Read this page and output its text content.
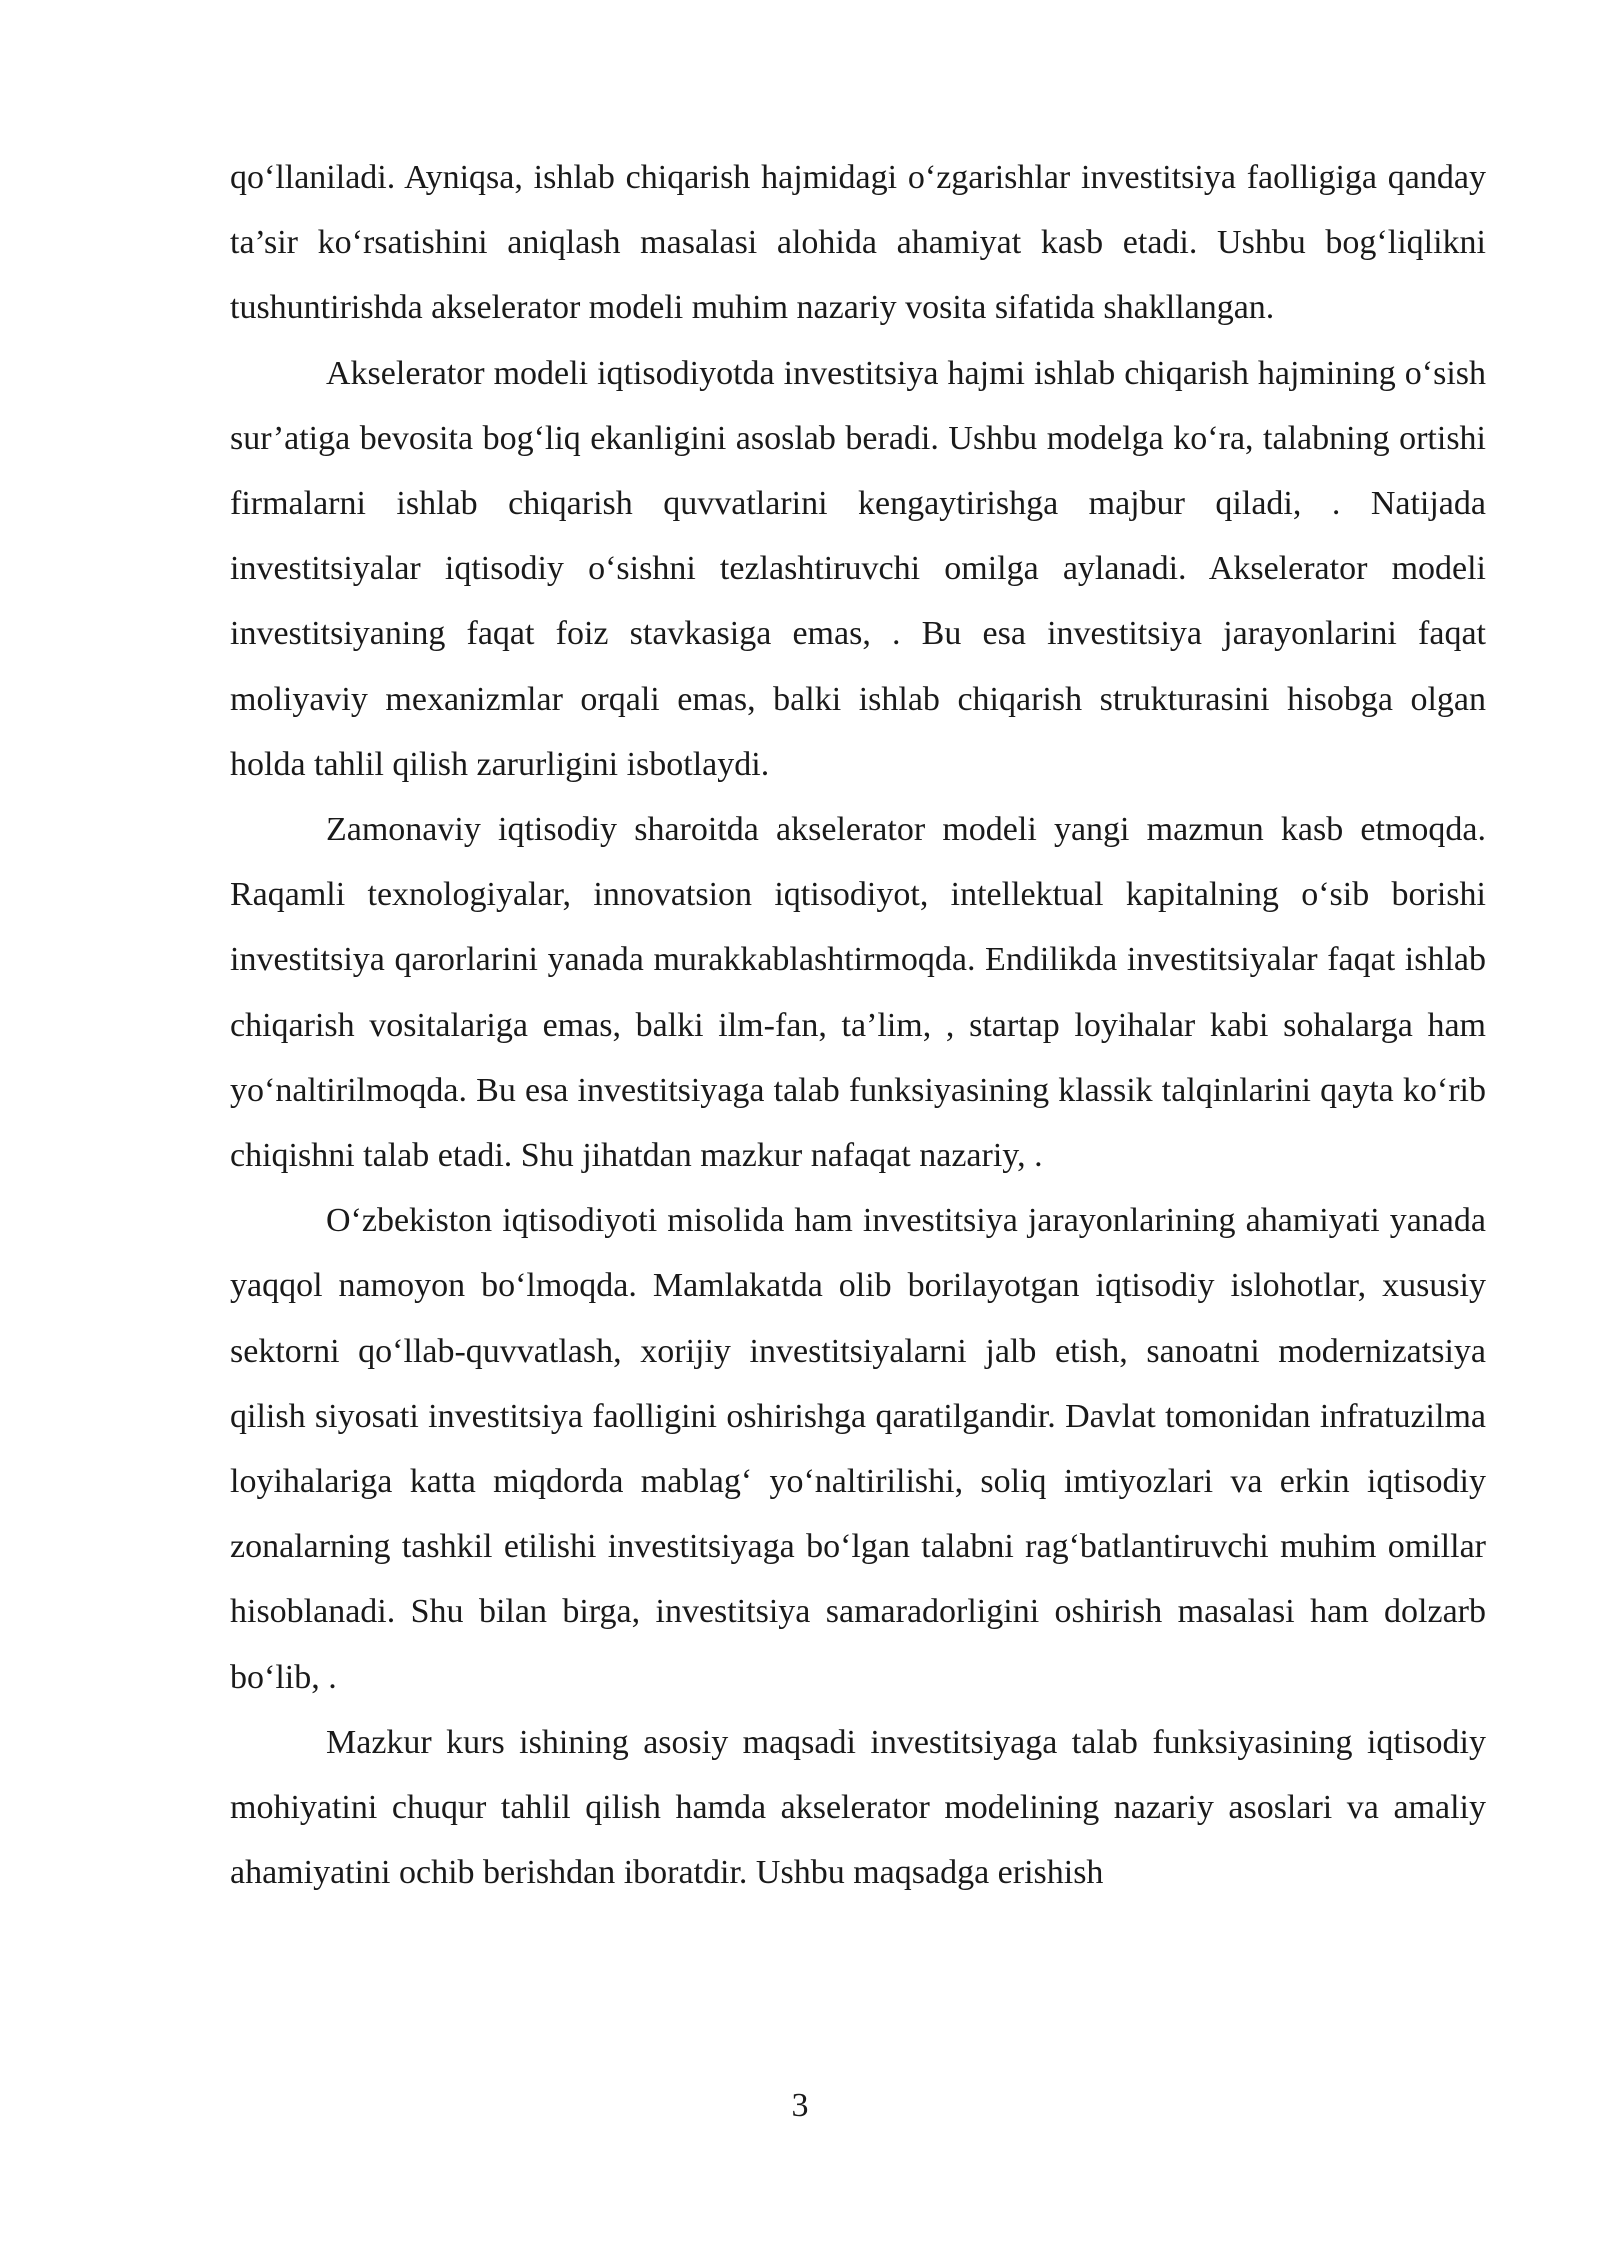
qo‘llaniladi. Ayniqsa, ishlab chiqarish hajmidagi o‘zgarishlar investitsiya faolligiga qanday ta’sir ko‘rsatishini aniqlash masalasi alohida ahamiyat kasb etadi. Ushbu bog‘liqlikni tushuntirishda akselerator modeli muhim nazariy vosita sifatida shakllangan.

Akselerator modeli iqtisodiyotda investitsiya hajmi ishlab chiqarish hajmining o‘sish sur’atiga bevosita bog‘liq ekanligini asoslab beradi. Ushbu modelga ko‘ra, talabning ortishi firmalarni ishlab chiqarish quvvatlarini kengaytirishga majbur qiladi, . Natijada investitsiyalar iqtisodiy o‘sishni tezlashtiruvchi omilga aylanadi. Akselerator modeli investitsiyaning faqat foiz stavkasiga emas, . Bu esa investitsiya jarayonlarini faqat moliyaviy mexanizmlar orqali emas, balki ishlab chiqarish strukturasini hisobga olgan holda tahlil qilish zarurligini isbotlaydi.

Zamonaviy iqtisodiy sharoitda akselerator modeli yangi mazmun kasb etmoqda. Raqamli texnologiyalar, innovatsion iqtisodiyot, intellektual kapitalning o‘sib borishi investitsiya qarorlarini yanada murakkablashtirmoqda. Endilikda investitsiyalar faqat ishlab chiqarish vositalariga emas, balki ilm-fan, ta’lim, , startap loyihalar kabi sohalarga ham yo‘naltirilmoqda. Bu esa investitsiyaga talab funksiyasining klassik talqinlarini qayta ko‘rib chiqishni talab etadi. Shu jihatdan mazkur nafaqat nazariy, .

O‘zbekiston iqtisodiyoti misolida ham investitsiya jarayonlarining ahamiyati yanada yaqqol namoyon bo‘lmoqda. Mamlakatda olib borilayotgan iqtisodiy islohotlar, xususiy sektorni qo‘llab-quvvatlash, xorijiy investitsiyalarni jalb etish, sanoatni modernizatsiya qilish siyosati investitsiya faolligini oshirishga qaratilgandir. Davlat tomonidan infratuzilma loyihalariga katta miqdorda mablag‘ yo‘naltirilishi, soliq imtiyozlari va erkin iqtisodiy zonalarning tashkil etilishi investitsiyaga bo‘lgan talabni rag‘batlantiruvchi muhim omillar hisoblanadi. Shu bilan birga, investitsiya samaradorligini oshirish masalasi ham dolzarb bo‘lib, .

Mazkur kurs ishining asosiy maqsadi investitsiyaga talab funksiyasining iqtisodiy mohiyatini chuqur tahlil qilish hamda akselerator modelining nazariy asoslari va amaliy ahamiyatini ochib berishdan iboratdir. Ushbu maqsadga erishish

3
